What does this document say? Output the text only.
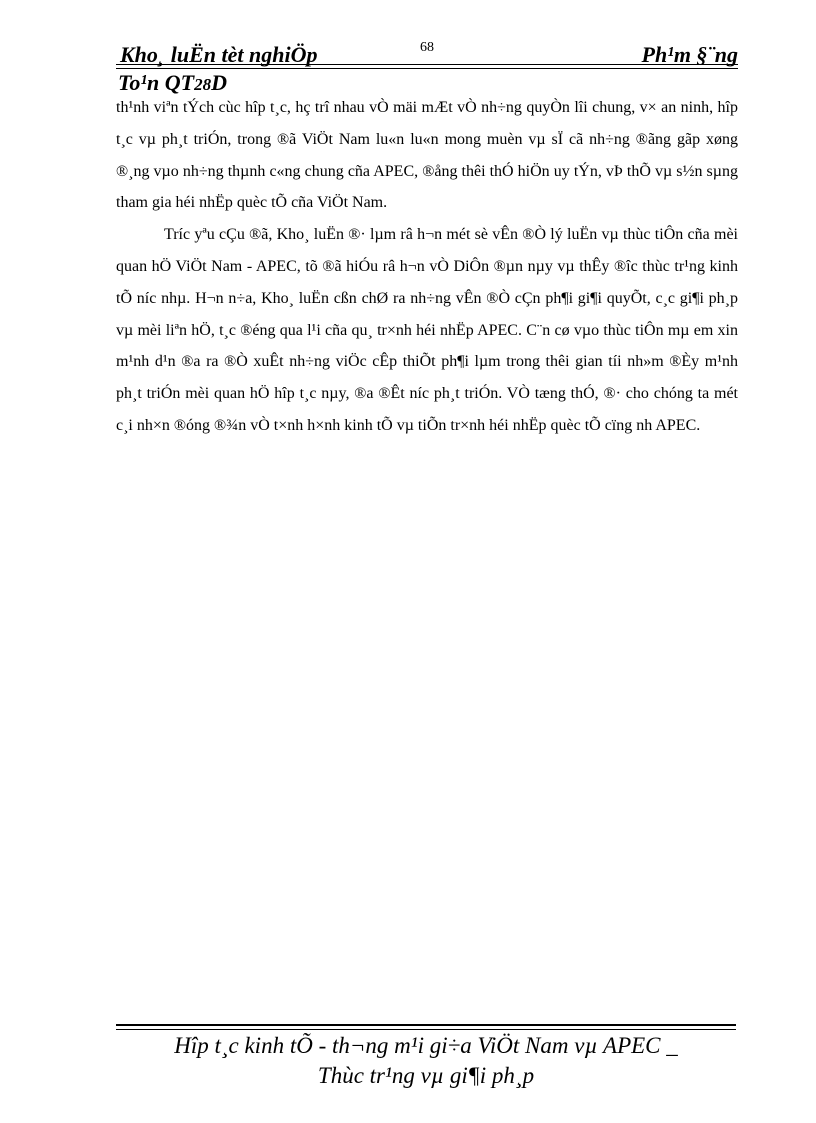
Kho¸ luËn tèt nghiÖp	68	Ph¹m §¨ng
To¹n QT28D

th¹nh viªn tÝch cùc hîp t¸c, hç trî nhau vÒ mäi mÆt vÒ nh÷ng quyÒn lîi chung, v× an ninh, hîp t¸c vµ ph¸t triÓn, trong ®ã ViÖt Nam lu«n lu«n mong muèn vµ sÏ cã nh÷ng ®ãng gãp xøng ®¸ng vµo nh÷ng thµnh c«ng chung cña APEC, ®ång thêi thÓ hiÖn uy tÝn, vÞ thÕ vµ s½n sµng tham gia héi nhËp quèc tÕ cña ViÖt Nam.

Tríc yªu cÇu ®ã, Kho¸ luËn ®· lµm râ h¬n mét sè vÊn ®Ò lý luËn vµ thùc tiÔn cña mèi quan hÖ ViÖt Nam - APEC, tõ ®ã hiÓu râ h¬n vÒ DiÔn ®µn nµy vµ thÊy ®îc thùc tr¹ng kinh tÕ níc nhµ. H¬n n÷a, Kho¸ luËn cßn chØ ra nh÷ng vÊn ®Ò cÇn ph¶i gi¶i quyÕt, c¸c gi¶i ph¸p vµ mèi liªn hÖ, t¸c ®éng qua l¹i cña qu¸ tr×nh héi nhËp APEC. C¨n cø vµo thùc tiÔn mµ em xin m¹nh d¹n ®a ra ®Ò xuÊt nh÷ng viÖc cÊp thiÕt ph¶i lµm trong thêi gian tíi nh»m ®Èy m¹nh ph¸t triÓn mèi quan hÖ hîp t¸c nµy, ®a ®Êt níc ph¸t triÓn. VÒ tæng thÓ, ®· cho chóng ta mét c¸i nh×n ®óng ®¾n vÒ t×nh h×nh kinh tÕ vµ tiÕn tr×nh héi nhËp quèc tÕ cïng nh APEC.

Hîp t¸c kinh tÕ - th¬ng m¹i gi÷a ViÖt Nam vµ APEC _
Thùc tr¹ng vµ gi¶i ph¸p
